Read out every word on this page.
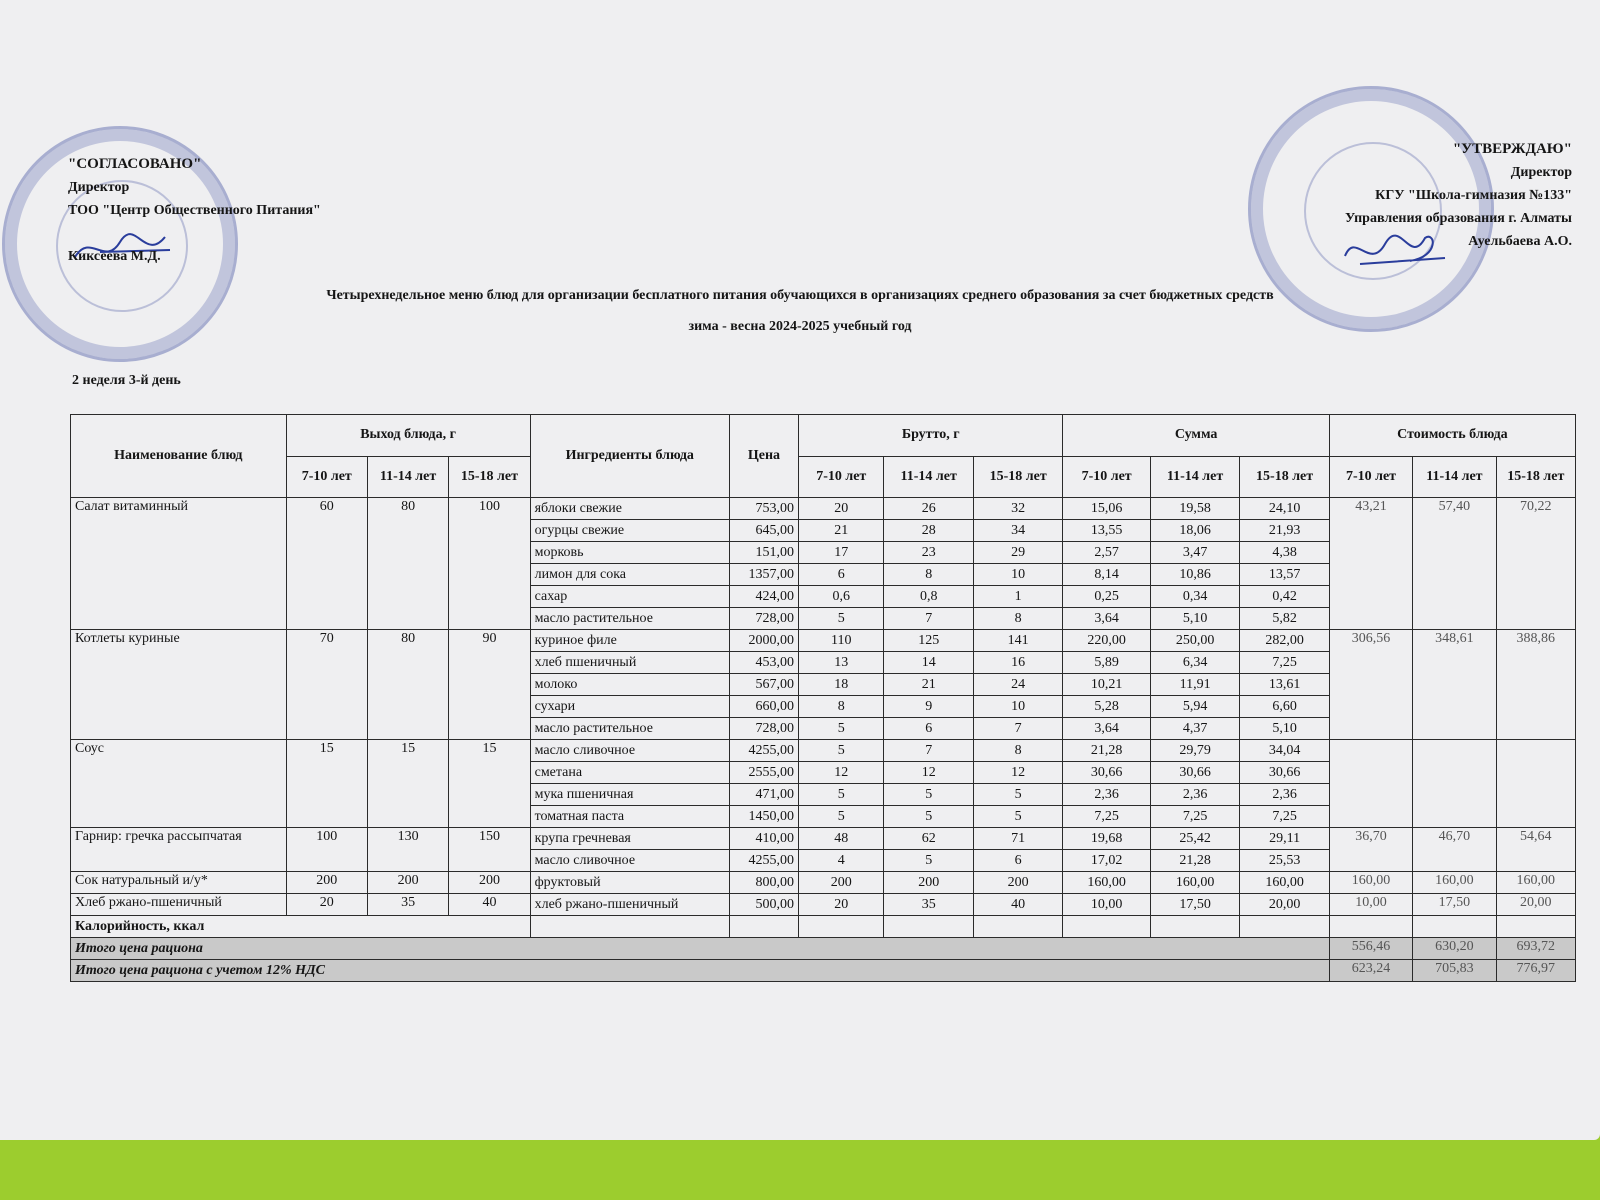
"СОГЛАСОВАНО"
Директор
ТОО "Центр Общественного Питания"
Киксеева М.Д.
"УТВЕРЖДАЮ"
Директор
КГУ "Школа-гимназия №133"
Управления образования г. Алматы
Ауельбаева А.О.
Четырехнедельное меню блюд для организации бесплатного питания обучающихся в организациях среднего образования за счет бюджетных средств
зима - весна 2024-2025 учебный год
2 неделя 3-й день
Наименование блюд	Выход блюда, г			Ингредиенты блюда	Цена	Брутто, г			Сумма			Стоимость блюда		
	7-10 лет	11-14 лет	15-18 лет			7-10 лет	11-14 лет	15-18 лет	7-10 лет	11-14 лет	15-18 лет	7-10 лет	11-14 лет	15-18 лет
Салат витаминный	60	80	100	яблоки свежие	753,00	20	26	32	15,06	19,58	24,10	43,21	57,40	70,22
				огурцы свежие	645,00	21	28	34	13,55	18,06	21,93			
				морковь	151,00	17	23	29	2,57	3,47	4,38			
				лимон для сока	1357,00	6	8	10	8,14	10,86	13,57			
				сахар	424,00	0,6	0,8	1	0,25	0,34	0,42			
				масло растительное	728,00	5	7	8	3,64	5,10	5,82			
Котлеты куриные	70	80	90	куриное филе	2000,00	110	125	141	220,00	250,00	282,00	306,56	348,61	388,86
				хлеб пшеничный	453,00	13	14	16	5,89	6,34	7,25			
				молоко	567,00	18	21	24	10,21	11,91	13,61			
				сухари	660,00	8	9	10	5,28	5,94	6,60			
				масло растительное	728,00	5	6	7	3,64	4,37	5,10			
Соус	15	15	15	масло сливочное	4255,00	5	7	8	21,28	29,79	34,04			
				сметана	2555,00	12	12	12	30,66	30,66	30,66			
				мука пшеничная	471,00	5	5	5	2,36	2,36	2,36			
				томатная паста	1450,00	5	5	5	7,25	7,25	7,25			
Гарнир: гречка рассыпчатая	100	130	150	крупа гречневая	410,00	48	62	71	19,68	25,42	29,11	36,70	46,70	54,64
				масло сливочное	4255,00	4	5	6	17,02	21,28	25,53			
Сок натуральный и/у*	200	200	200	фруктовый	800,00	200	200	200	160,00	160,00	160,00	160,00	160,00	160,00
Хлеб ржано-пшеничный	20	35	40	хлеб ржано-пшеничный	500,00	20	35	40	10,00	17,50	20,00	10,00	17,50	20,00
Калорийность, ккал														
Итого цена рациона												556,46	630,20	693,72
Итого цена рациона с учетом 12% НДС												623,24	705,83	776,97
